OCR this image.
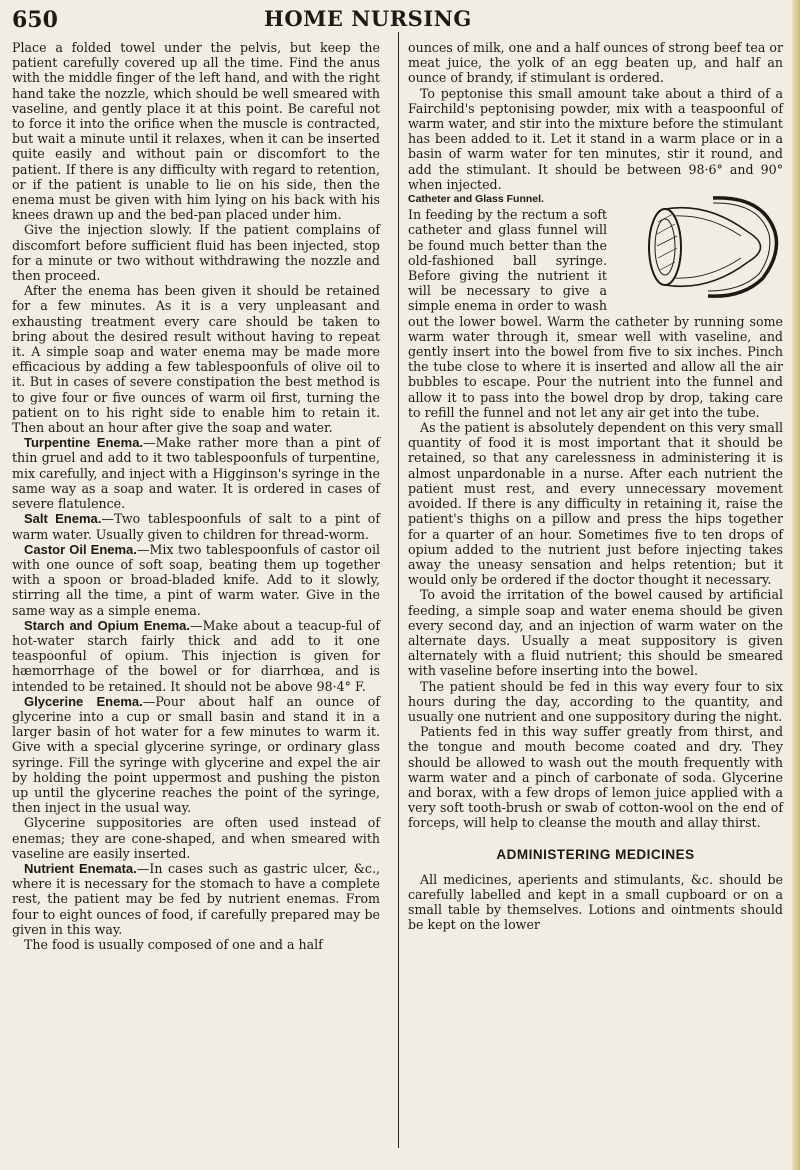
650	HOME NURSING

Place a folded towel under the pelvis, but keep the patient carefully covered up all the time. Find the anus with the middle finger of the left hand, and with the right hand take the nozzle, which should be well smeared with vaseline, and gently place it at this point. Be careful not to force it into the orifice when the muscle is contracted, but wait a minute until it relaxes, when it can be inserted quite easily and without pain or discomfort to the patient. If there is any difficulty with regard to retention, or if the patient is unable to lie on his side, then the enema must be given with him lying on his back with his knees drawn up and the bed-pan placed under him.

Give the injection slowly. If the patient complains of discomfort before sufficient fluid has been injected, stop for a minute or two without withdrawing the nozzle and then proceed.

After the enema has been given it should be retained for a few minutes. As it is a very unpleasant and exhausting treatment every care should be taken to bring about the desired result without having to repeat it. A simple soap and water enema may be made more efficacious by adding a few tablespoonfuls of olive oil to it. But in cases of severe constipation the best method is to give four or five ounces of warm oil first, turning the patient on to his right side to enable him to retain it. Then about an hour after give the soap and water.

Turpentine Enema.—Make rather more than a pint of thin gruel and add to it two tablespoonfuls of turpentine, mix carefully, and inject with a Higginson's syringe in the same way as a soap and water. It is ordered in cases of severe flatulence.

Salt Enema.—Two tablespoonfuls of salt to a pint of warm water. Usually given to children for thread-worm.

Castor Oil Enema.—Mix two tablespoonfuls of castor oil with one ounce of soft soap, beating them up together with a spoon or broad-bladed knife. Add to it slowly, stirring all the time, a pint of warm water. Give in the same way as a simple enema.

Starch and Opium Enema.—Make about a teacup-ful of hot-water starch fairly thick and add to it one teaspoonful of opium. This injection is given for hæmorrhage of the bowel or for diarrhœa, and is intended to be retained. It should not be above 98·4° F.

Glycerine Enema.—Pour about half an ounce of glycerine into a cup or small basin and stand it in a larger basin of hot water for a few minutes to warm it. Give with a special glycerine syringe, or ordinary glass syringe. Fill the syringe with glycerine and expel the air by holding the point uppermost and pushing the piston up until the glycerine reaches the point of the syringe, then inject in the usual way.

Glycerine suppositories are often used instead of enemas; they are cone-shaped, and when smeared with vaseline are easily inserted.

Nutrient Enemata.—In cases such as gastric ulcer, &c., where it is necessary for the stomach to have a complete rest, the patient may be fed by nutrient enemas. From four to eight ounces of food, if carefully prepared may be given in this way.

The food is usually composed of one and a half

ounces of milk, one and a half ounces of strong beef tea or meat juice, the yolk of an egg beaten up, and half an ounce of brandy, if stimulant is ordered.

To peptonise this small amount take about a third of a Fairchild's peptonising powder, mix with a teaspoonful of warm water, and stir into the mixture before the stimulant has been added to it. Let it stand in a warm place or in a basin of warm water for ten minutes, stir it round, and add the stimulant. It should be between 98·6° and 90° when injected.

Catheter and Glass Funnel.
In feeding by the rectum a soft catheter and glass funnel will be found much better than the old-fashioned ball syringe. Before giving the nutrient it will be necessary to give a simple enema in order to wash out the lower bowel. Warm the catheter by running some warm water through it, smear well with vaseline, and gently insert into the bowel from five to six inches. Pinch the tube close to where it is inserted and allow all the air bubbles to escape. Pour the nutrient into the funnel and allow it to pass into the bowel drop by drop, taking care to refill the funnel and not let any air get into the tube.

As the patient is absolutely dependent on this very small quantity of food it is most important that it should be retained, so that any carelessness in administering it is almost unpardonable in a nurse. After each nutrient the patient must rest, and every unnecessary movement avoided. If there is any difficulty in retaining it, raise the patient's thighs on a pillow and press the hips together for a quarter of an hour. Sometimes five to ten drops of opium added to the nutrient just before injecting takes away the uneasy sensation and helps retention; but it would only be ordered if the doctor thought it necessary.

To avoid the irritation of the bowel caused by artificial feeding, a simple soap and water enema should be given every second day, and an injection of warm water on the alternate days. Usually a meat suppository is given alternately with a fluid nutrient; this should be smeared with vaseline before inserting into the bowel.

The patient should be fed in this way every four to six hours during the day, according to the quantity, and usually one nutrient and one suppository during the night.

Patients fed in this way suffer greatly from thirst, and the tongue and mouth become coated and dry. They should be allowed to wash out the mouth frequently with warm water and a pinch of carbonate of soda. Glycerine and borax, with a few drops of lemon juice applied with a very soft tooth-brush or swab of cotton-wool on the end of forceps, will help to cleanse the mouth and allay thirst.

ADMINISTERING MEDICINES

All medicines, aperients and stimulants, &c. should be carefully labelled and kept in a small cupboard or on a small table by themselves. Lotions and ointments should be kept on the lower
